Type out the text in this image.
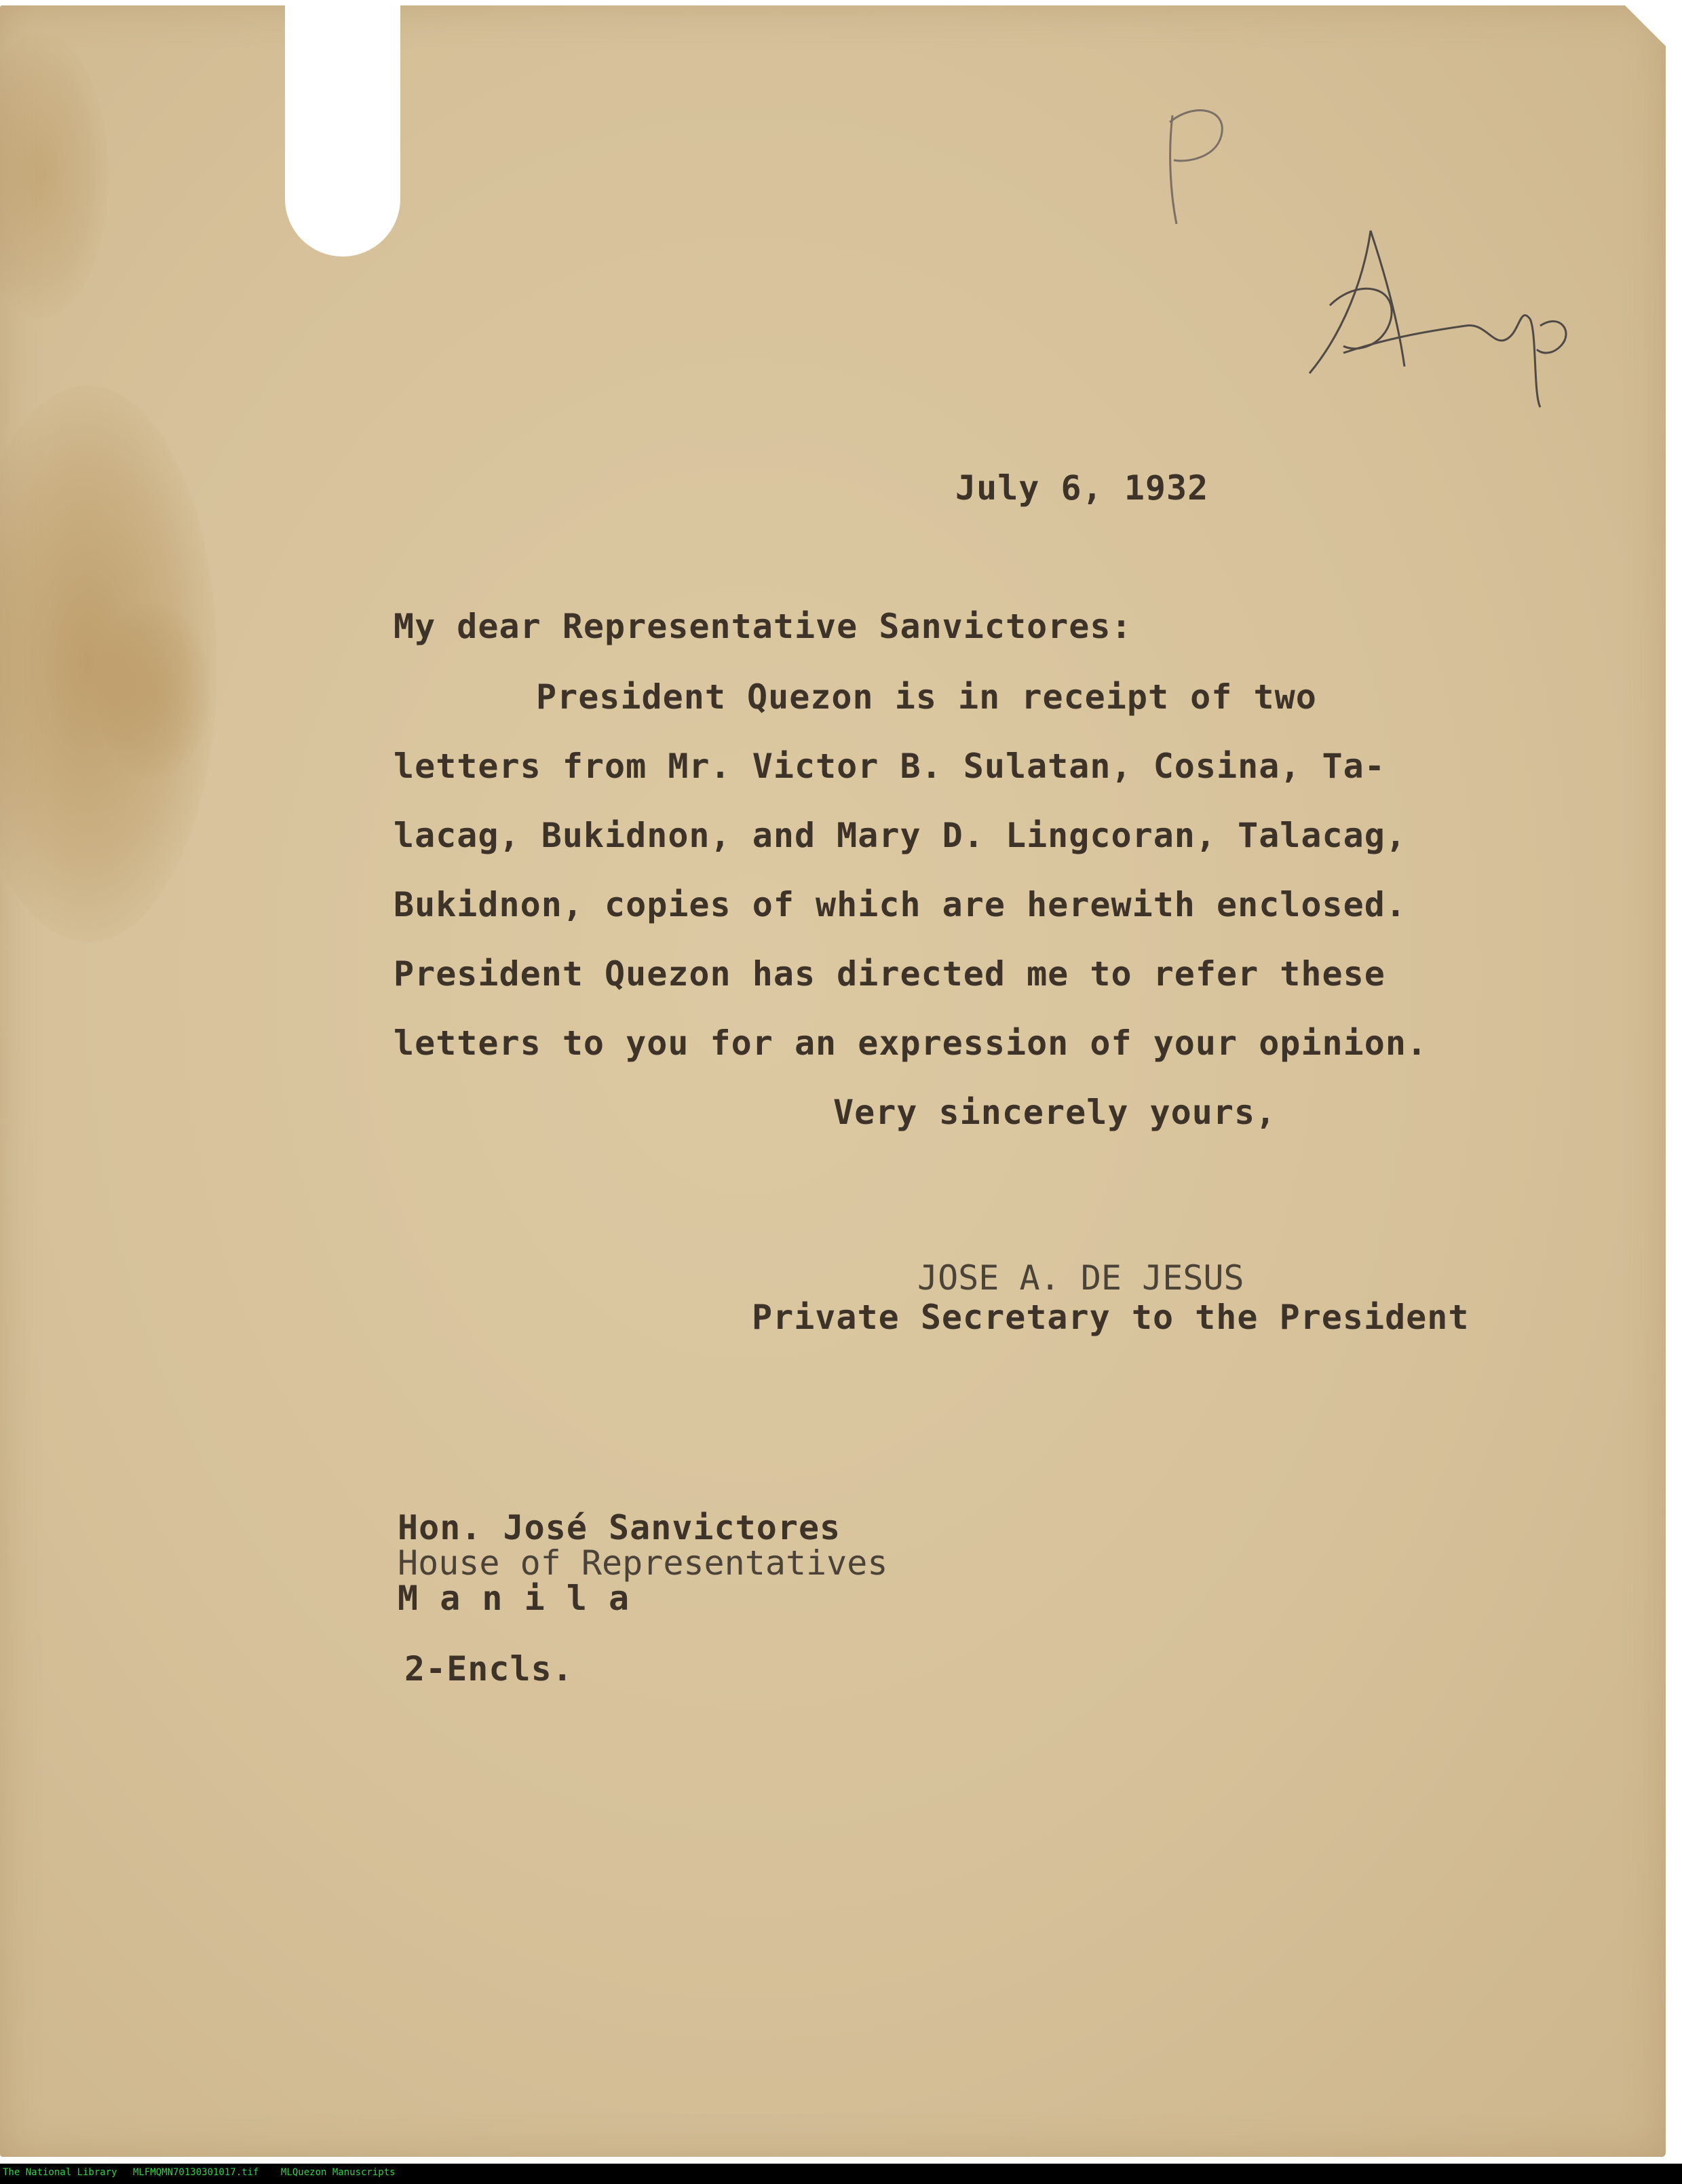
July 6, 1932
My dear Representative Sanvictores:
President Quezon is in receipt of two
letters from Mr. Victor B. Sulatan, Cosina, Ta-
lacag, Bukidnon, and Mary D. Lingcoran, Talacag,
Bukidnon, copies of which are herewith enclosed.
President Quezon has directed me to refer these
letters to you for an expression of your opinion.
Very sincerely yours,
JOSE A. DE JESUS
Private Secretary to the President
Hon. José Sanvictores
House of Representatives
M a n i l a
2-Encls.
The National Library MLFMQMN70130301017.tif MLQuezon Manuscripts
